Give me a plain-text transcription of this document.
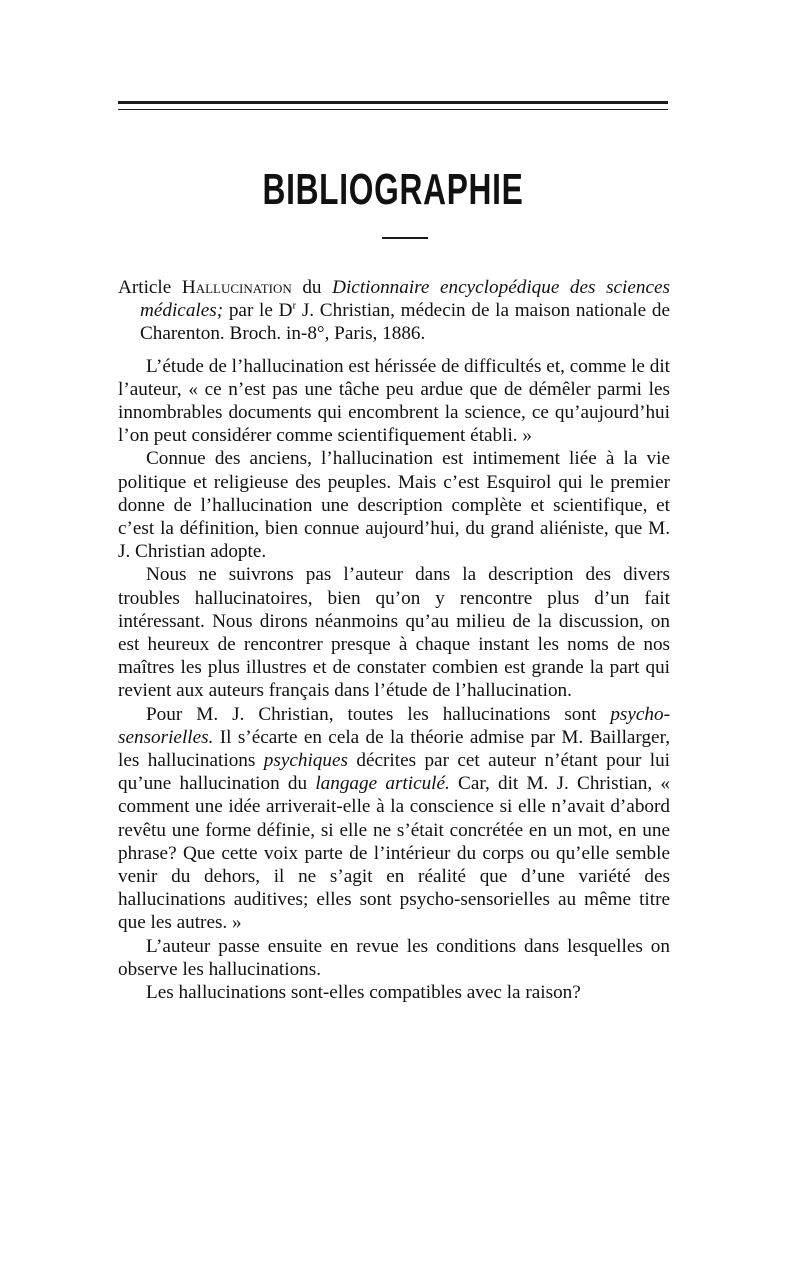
BIBLIOGRAPHIE

Article Hallucination du Dictionnaire encyclopédique des sciences médicales; par le $D^r$ J. Christian, médecin de la maison nationale de Charenton. Broch. in-8°, Paris, 1886.

L’étude de l’hallucination est hérissée de difficultés et, comme le dit l’auteur, « ce n’est pas une tâche peu ardue que de démêler parmi les innombrables documents qui encombrent la science, ce qu’aujourd’hui l’on peut considérer comme scientifiquement établi. »

Connue des anciens, l’hallucination est intimement liée à la vie politique et religieuse des peuples. Mais c’est Esquirol qui le premier donne de l’hallucination une description complète et scientifique, et c’est la définition, bien connue aujourd’hui, du grand aliéniste, que M. J. Christian adopte.

Nous ne suivrons pas l’auteur dans la description des divers troubles hallucinatoires, bien qu’on y rencontre plus d’un fait intéressant. Nous dirons néanmoins qu’au milieu de la discussion, on est heureux de rencontrer presque à chaque instant les noms de nos maîtres les plus illustres et de constater combien est grande la part qui revient aux auteurs français dans l’étude de l’hallucination.

Pour M. J. Christian, toutes les hallucinations sont psycho-sensorielles. Il s’écarte en cela de la théorie admise par M. Baillarger, les hallucinations psychiques décrites par cet auteur n’étant pour lui qu’une hallucination du langage articulé. Car, dit M. J. Christian, « comment une idée arriverait-elle à la conscience si elle n’avait d’abord revêtu une forme définie, si elle ne s’était concrétée en un mot, en une phrase? Que cette voix parte de l’intérieur du corps ou qu’elle semble venir du dehors, il ne s’agit en réalité que d’une variété des hallucinations auditives; elles sont psycho-sensorielles au même titre que les autres. »

L’auteur passe ensuite en revue les conditions dans lesquelles on observe les hallucinations.

Les hallucinations sont-elles compatibles avec la raison?
